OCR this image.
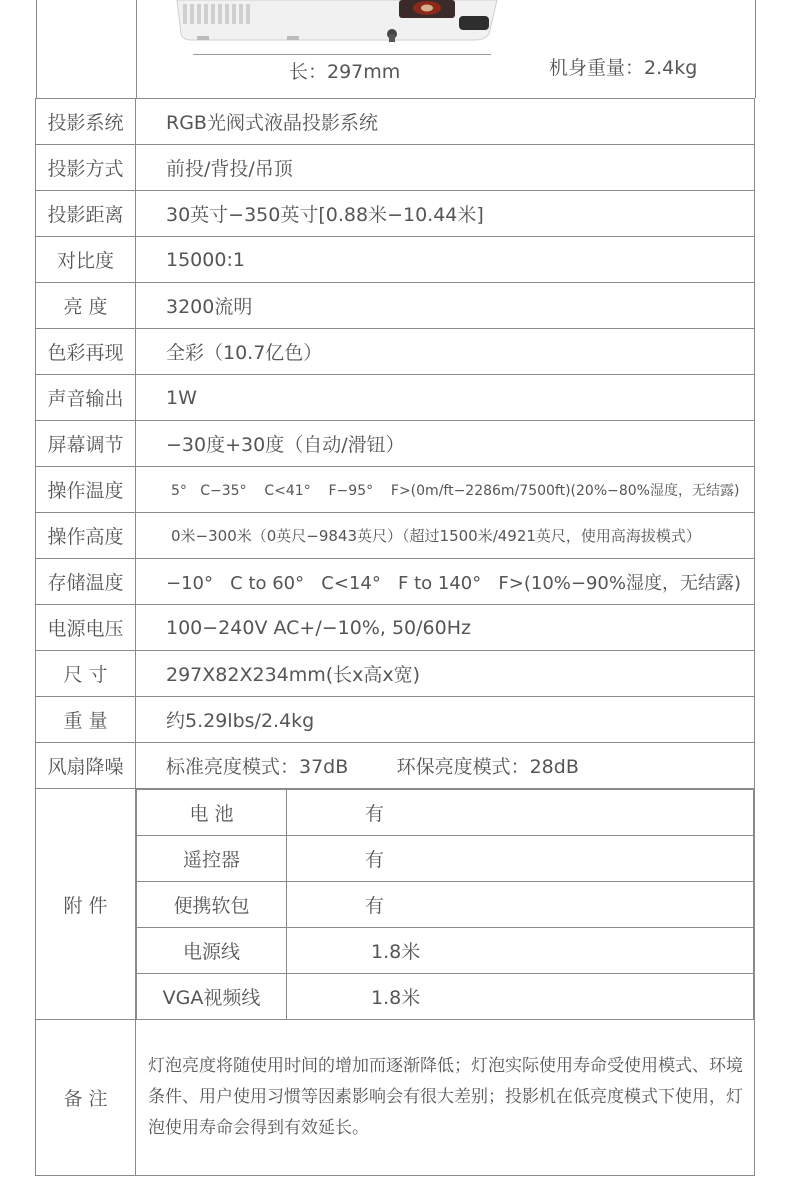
长：297mm	机身重量：2.4kg
投影系统	RGB光阀式液晶投影系统
投影方式	前投/背投/吊顶
投影距离	30英寸−350英寸[0.88米−10.44米]
对比度	15000:1
亮 度	3200流明
色彩再现	全彩（10.7亿色）
声音输出	1W
屏幕调节	−30度+30度（自动/滑钮）
操作温度	5°   C−35°    C<41°    F−95°    F>(0m/ft−2286m/7500ft)(20%−80%湿度，无结露)
操作高度	0米−300米（0英尺−9843英尺）（超过1500米/4921英尺，使用高海拔模式）
存储温度	−10°   C to 60°   C<14°   F to 140°   F>(10%−90%湿度，无结露)
电源电压	100−240V AC+/−10%, 50/60Hz
尺 寸	297X82X234mm(长x高x宽)
重 量	约5.29lbs/2.4kg
风扇降噪	标准亮度模式：37dB        环保亮度模式：28dB
附 件	
电 池	有
遥控器	有
便携软包	有
电源线	1.8米
VGA视频线	1.8米

备 注	灯泡亮度将随使用时间的增加而逐渐降低；灯泡实际使用寿命受使用模式、环境条件、用户使用习惯等因素影响会有很大差别；投影机在低亮度模式下使用，灯泡使用寿命会得到有效延长。
